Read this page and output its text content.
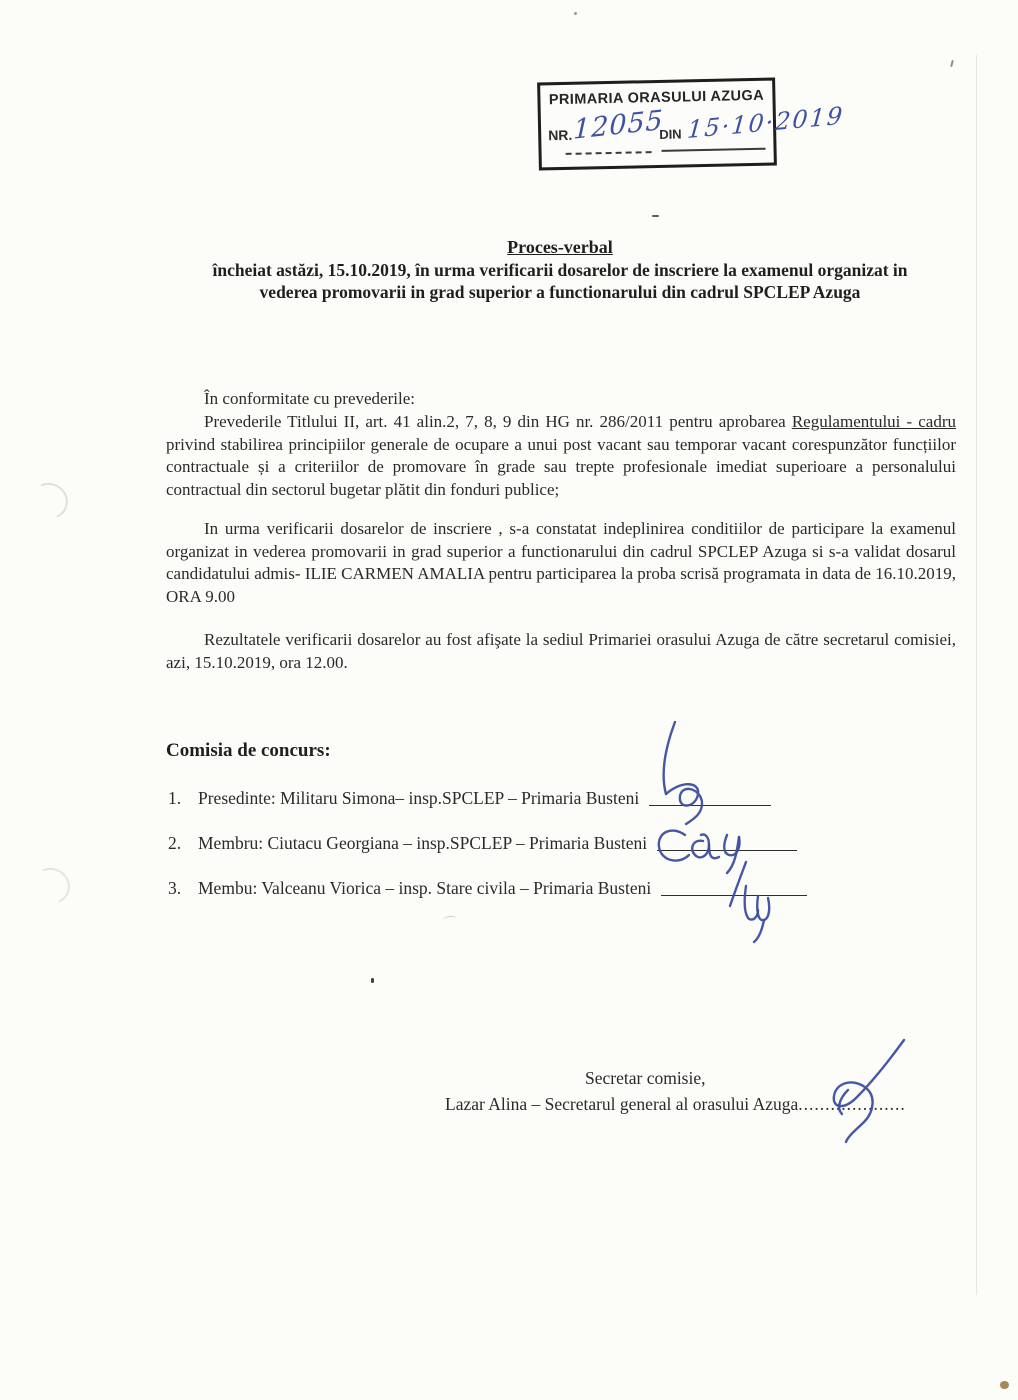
PRIMARIA ORASULUI AZUGA
NR. 12055
DIN 15·10·2019
Proces-verbal
încheiat astăzi, 15.10.2019, în urma verificarii dosarelor de inscriere la examenul organizat in
vederea promovarii in grad superior a functionarului din cadrul SPCLEP Azuga
În conformitate cu prevederile:
Prevederile Titlului II, art. 41 alin.2, 7, 8, 9 din HG nr. 286/2011 pentru aprobarea Regulamentului - cadru privind stabilirea principiilor generale de ocupare a unui post vacant sau temporar vacant corespunzător funcțiilor contractuale și a criteriilor de promovare în grade sau trepte profesionale imediat superioare a personalului contractual din sectorul bugetar plătit din fonduri publice;
In urma verificarii dosarelor de inscriere , s-a constatat indeplinirea conditiilor de participare la examenul organizat in vederea promovarii in grad superior a functionarului din cadrul SPCLEP Azuga si s-a validat dosarul candidatului admis- ILIE CARMEN AMALIA pentru participarea la proba scrisă programata in data de 16.10.2019, ORA 9.00
Rezultatele verificarii dosarelor au fost afişate la sediul Primariei orasului Azuga de către secretarul comisiei, azi, 15.10.2019, ora 12.00.
Comisia de concurs:
1. Presedinte: Militaru Simona– insp.SPCLEP – Primaria Busteni
2. Membru: Ciutacu Georgiana – insp.SPCLEP – Primaria Busteni
3. Membu: Valceanu Viorica – insp. Stare civila – Primaria Busteni
Secretar comisie,
Lazar Alina – Secretarul general al orasului Azuga....................
